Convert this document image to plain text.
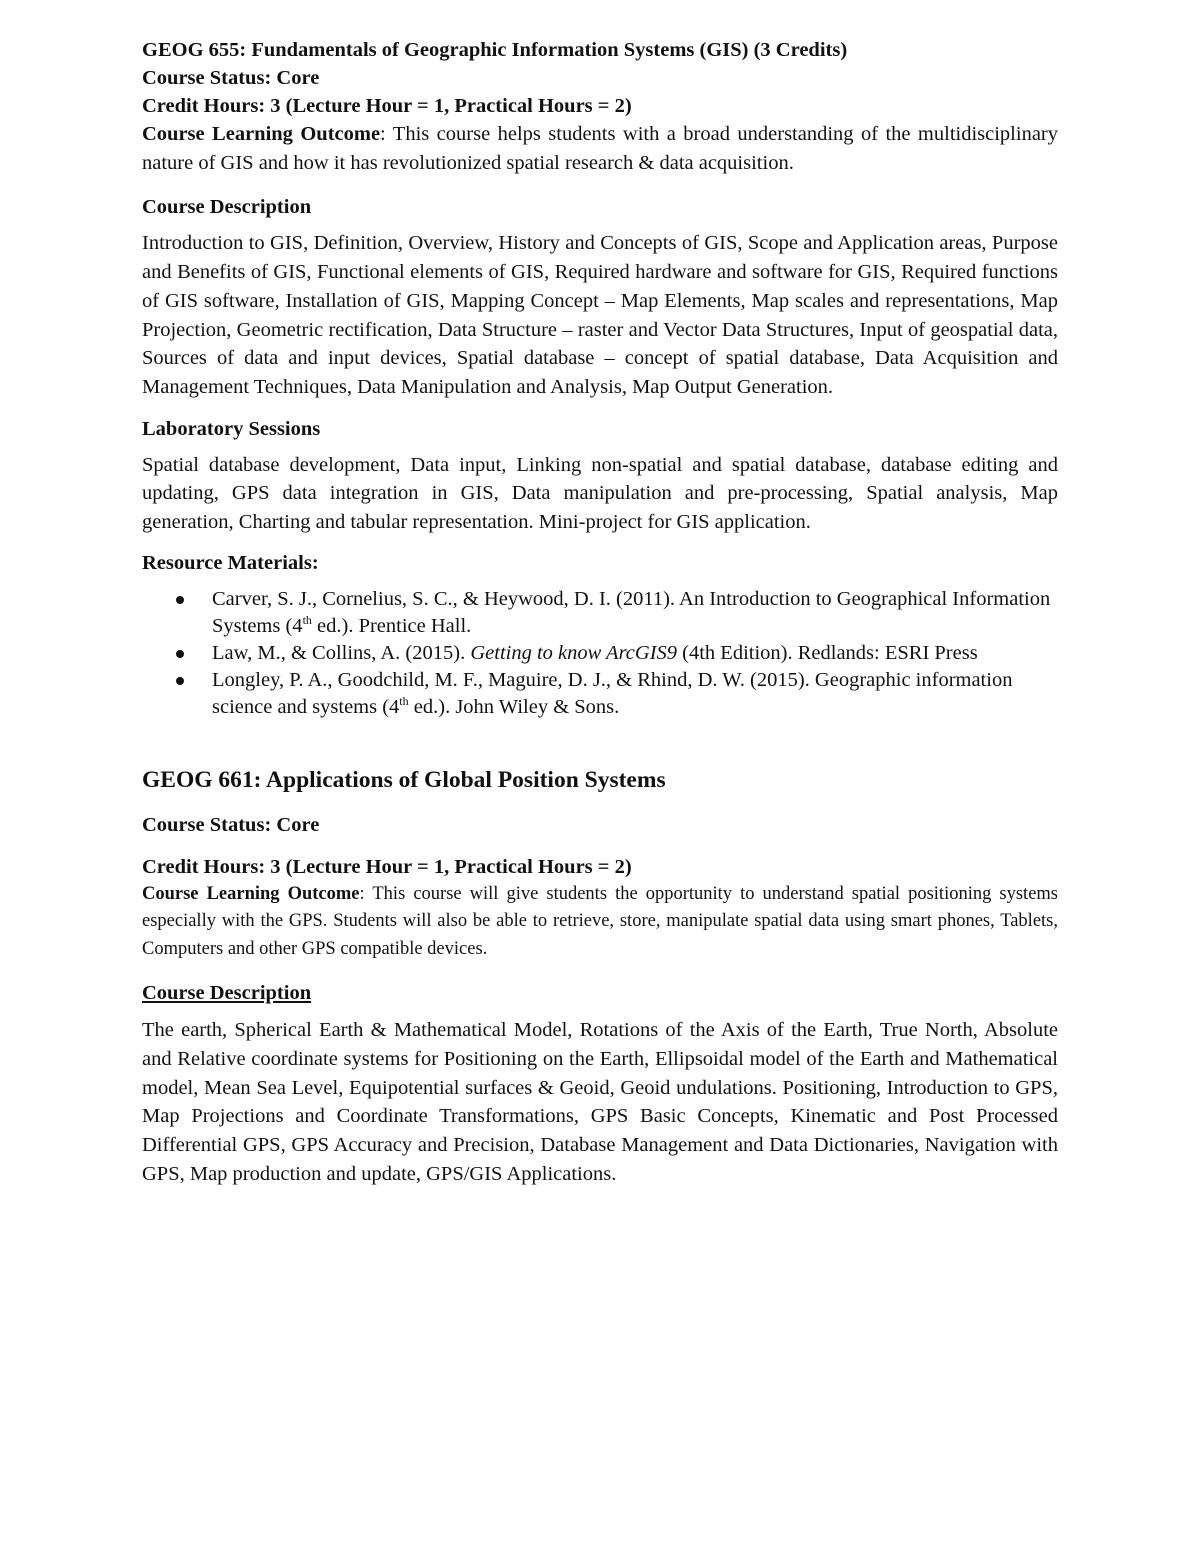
GEOG 655: Fundamentals of Geographic Information Systems (GIS) (3 Credits)

Course Status: Core

Credit Hours: 3 (Lecture Hour = 1, Practical Hours = 2)

Course Learning Outcome: This course helps students with a broad understanding of the multidisciplinary nature of GIS and how it has revolutionized spatial research & data acquisition.

Course Description

Introduction to GIS, Definition, Overview, History and Concepts of GIS, Scope and Application areas, Purpose and Benefits of GIS, Functional elements of GIS, Required hardware and software for GIS, Required functions of GIS software, Installation of GIS, Mapping Concept – Map Elements, Map scales and representations, Map Projection, Geometric rectification, Data Structure – raster and Vector Data Structures, Input of geospatial data, Sources of data and input devices, Spatial database – concept of spatial database, Data Acquisition and Management Techniques, Data Manipulation and Analysis, Map Output Generation.

Laboratory Sessions

Spatial database development, Data input, Linking non-spatial and spatial database, database editing and updating, GPS data integration in GIS, Data manipulation and pre-processing, Spatial analysis, Map generation, Charting and tabular representation. Mini-project for GIS application.

Resource Materials:

Carver, S. J., Cornelius, S. C., & Heywood, D. I. (2011). An Introduction to Geographical Information Systems (4th ed.). Prentice Hall.
Law, M., & Collins, A. (2015). Getting to know ArcGIS9 (4th Edition). Redlands: ESRI Press
Longley, P. A., Goodchild, M. F., Maguire, D. J., & Rhind, D. W. (2015). Geographic information science and systems (4th ed.). John Wiley & Sons.

GEOG 661: Applications of Global Position Systems

Course Status: Core

Credit Hours: 3 (Lecture Hour = 1, Practical Hours = 2)

Course Learning Outcome: This course will give students the opportunity to understand spatial positioning systems especially with the GPS. Students will also be able to retrieve, store, manipulate spatial data using smart phones, Tablets, Computers and other GPS compatible devices.

Course Description

The earth, Spherical Earth & Mathematical Model, Rotations of the Axis of the Earth, True North, Absolute and Relative coordinate systems for Positioning on the Earth, Ellipsoidal model of the Earth and Mathematical model, Mean Sea Level, Equipotential surfaces & Geoid, Geoid undulations. Positioning, Introduction to GPS, Map Projections and Coordinate Transformations, GPS Basic Concepts, Kinematic and Post Processed Differential GPS, GPS Accuracy and Precision, Database Management and Data Dictionaries, Navigation with GPS, Map production and update, GPS/GIS Applications.
